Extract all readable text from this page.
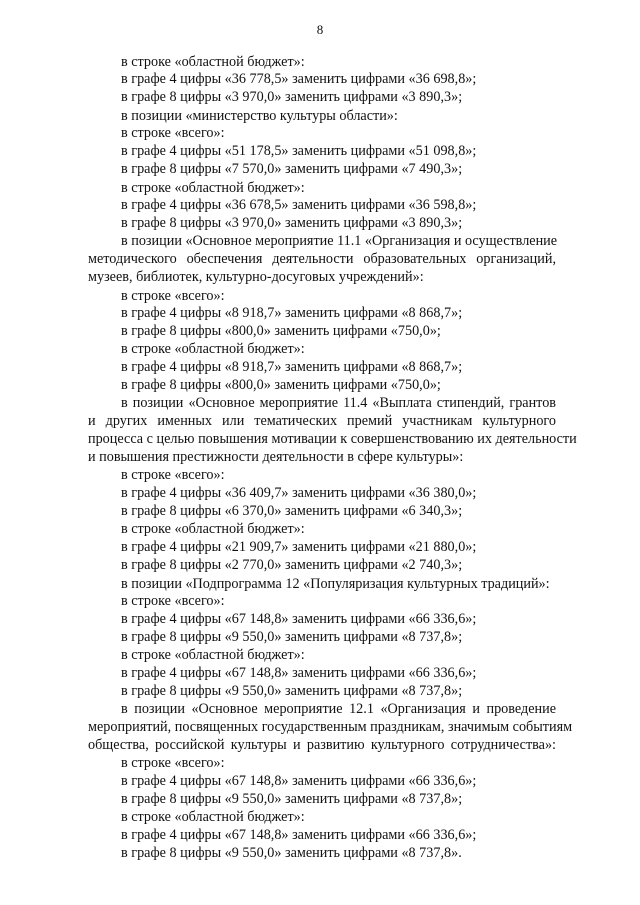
8
в строке «областной бюджет»:
в графе 4 цифры «36 778,5» заменить цифрами «36 698,8»;
в графе 8 цифры «3 970,0» заменить цифрами «3 890,3»;
в позиции «министерство культуры области»:
в строке «всего»:
в графе 4 цифры «51 178,5» заменить цифрами «51 098,8»;
в графе 8 цифры «7 570,0» заменить цифрами «7 490,3»;
в строке «областной бюджет»:
в графе 4 цифры «36 678,5» заменить цифрами «36 598,8»;
в графе 8 цифры «3 970,0» заменить цифрами «3 890,3»;
в позиции «Основное мероприятие 11.1 «Организация и осуществление
методического обеспечения деятельности образовательных организаций,
музеев, библиотек, культурно-досуговых учреждений»:
в строке «всего»:
в графе 4 цифры «8 918,7» заменить цифрами «8 868,7»;
в графе 8 цифры «800,0» заменить цифрами «750,0»;
в строке «областной бюджет»:
в графе 4 цифры «8 918,7» заменить цифрами «8 868,7»;
в графе 8 цифры «800,0» заменить цифрами «750,0»;
в позиции «Основное мероприятие 11.4 «Выплата стипендий, грантов
и других именных или тематических премий участникам культурного
процесса с целью повышения мотивации к совершенствованию их деятельности
и повышения престижности деятельности в сфере культуры»:
в строке «всего»:
в графе 4 цифры «36 409,7» заменить цифрами «36 380,0»;
в графе 8 цифры «6 370,0» заменить цифрами «6 340,3»;
в строке «областной бюджет»:
в графе 4 цифры «21 909,7» заменить цифрами «21 880,0»;
в графе 8 цифры «2 770,0» заменить цифрами «2 740,3»;
в позиции «Подпрограмма 12 «Популяризация культурных традиций»:
в строке «всего»:
в графе 4 цифры «67 148,8» заменить цифрами «66 336,6»;
в графе 8 цифры «9 550,0» заменить цифрами «8 737,8»;
в строке «областной бюджет»:
в графе 4 цифры «67 148,8» заменить цифрами «66 336,6»;
в графе 8 цифры «9 550,0» заменить цифрами «8 737,8»;
в позиции «Основное мероприятие 12.1 «Организация и проведение
мероприятий, посвященных государственным праздникам, значимым событиям
общества, российской культуры и развитию культурного сотрудничества»:
в строке «всего»:
в графе 4 цифры «67 148,8» заменить цифрами «66 336,6»;
в графе 8 цифры «9 550,0» заменить цифрами «8 737,8»;
в строке «областной бюджет»:
в графе 4 цифры «67 148,8» заменить цифрами «66 336,6»;
в графе 8 цифры «9 550,0» заменить цифрами «8 737,8».
